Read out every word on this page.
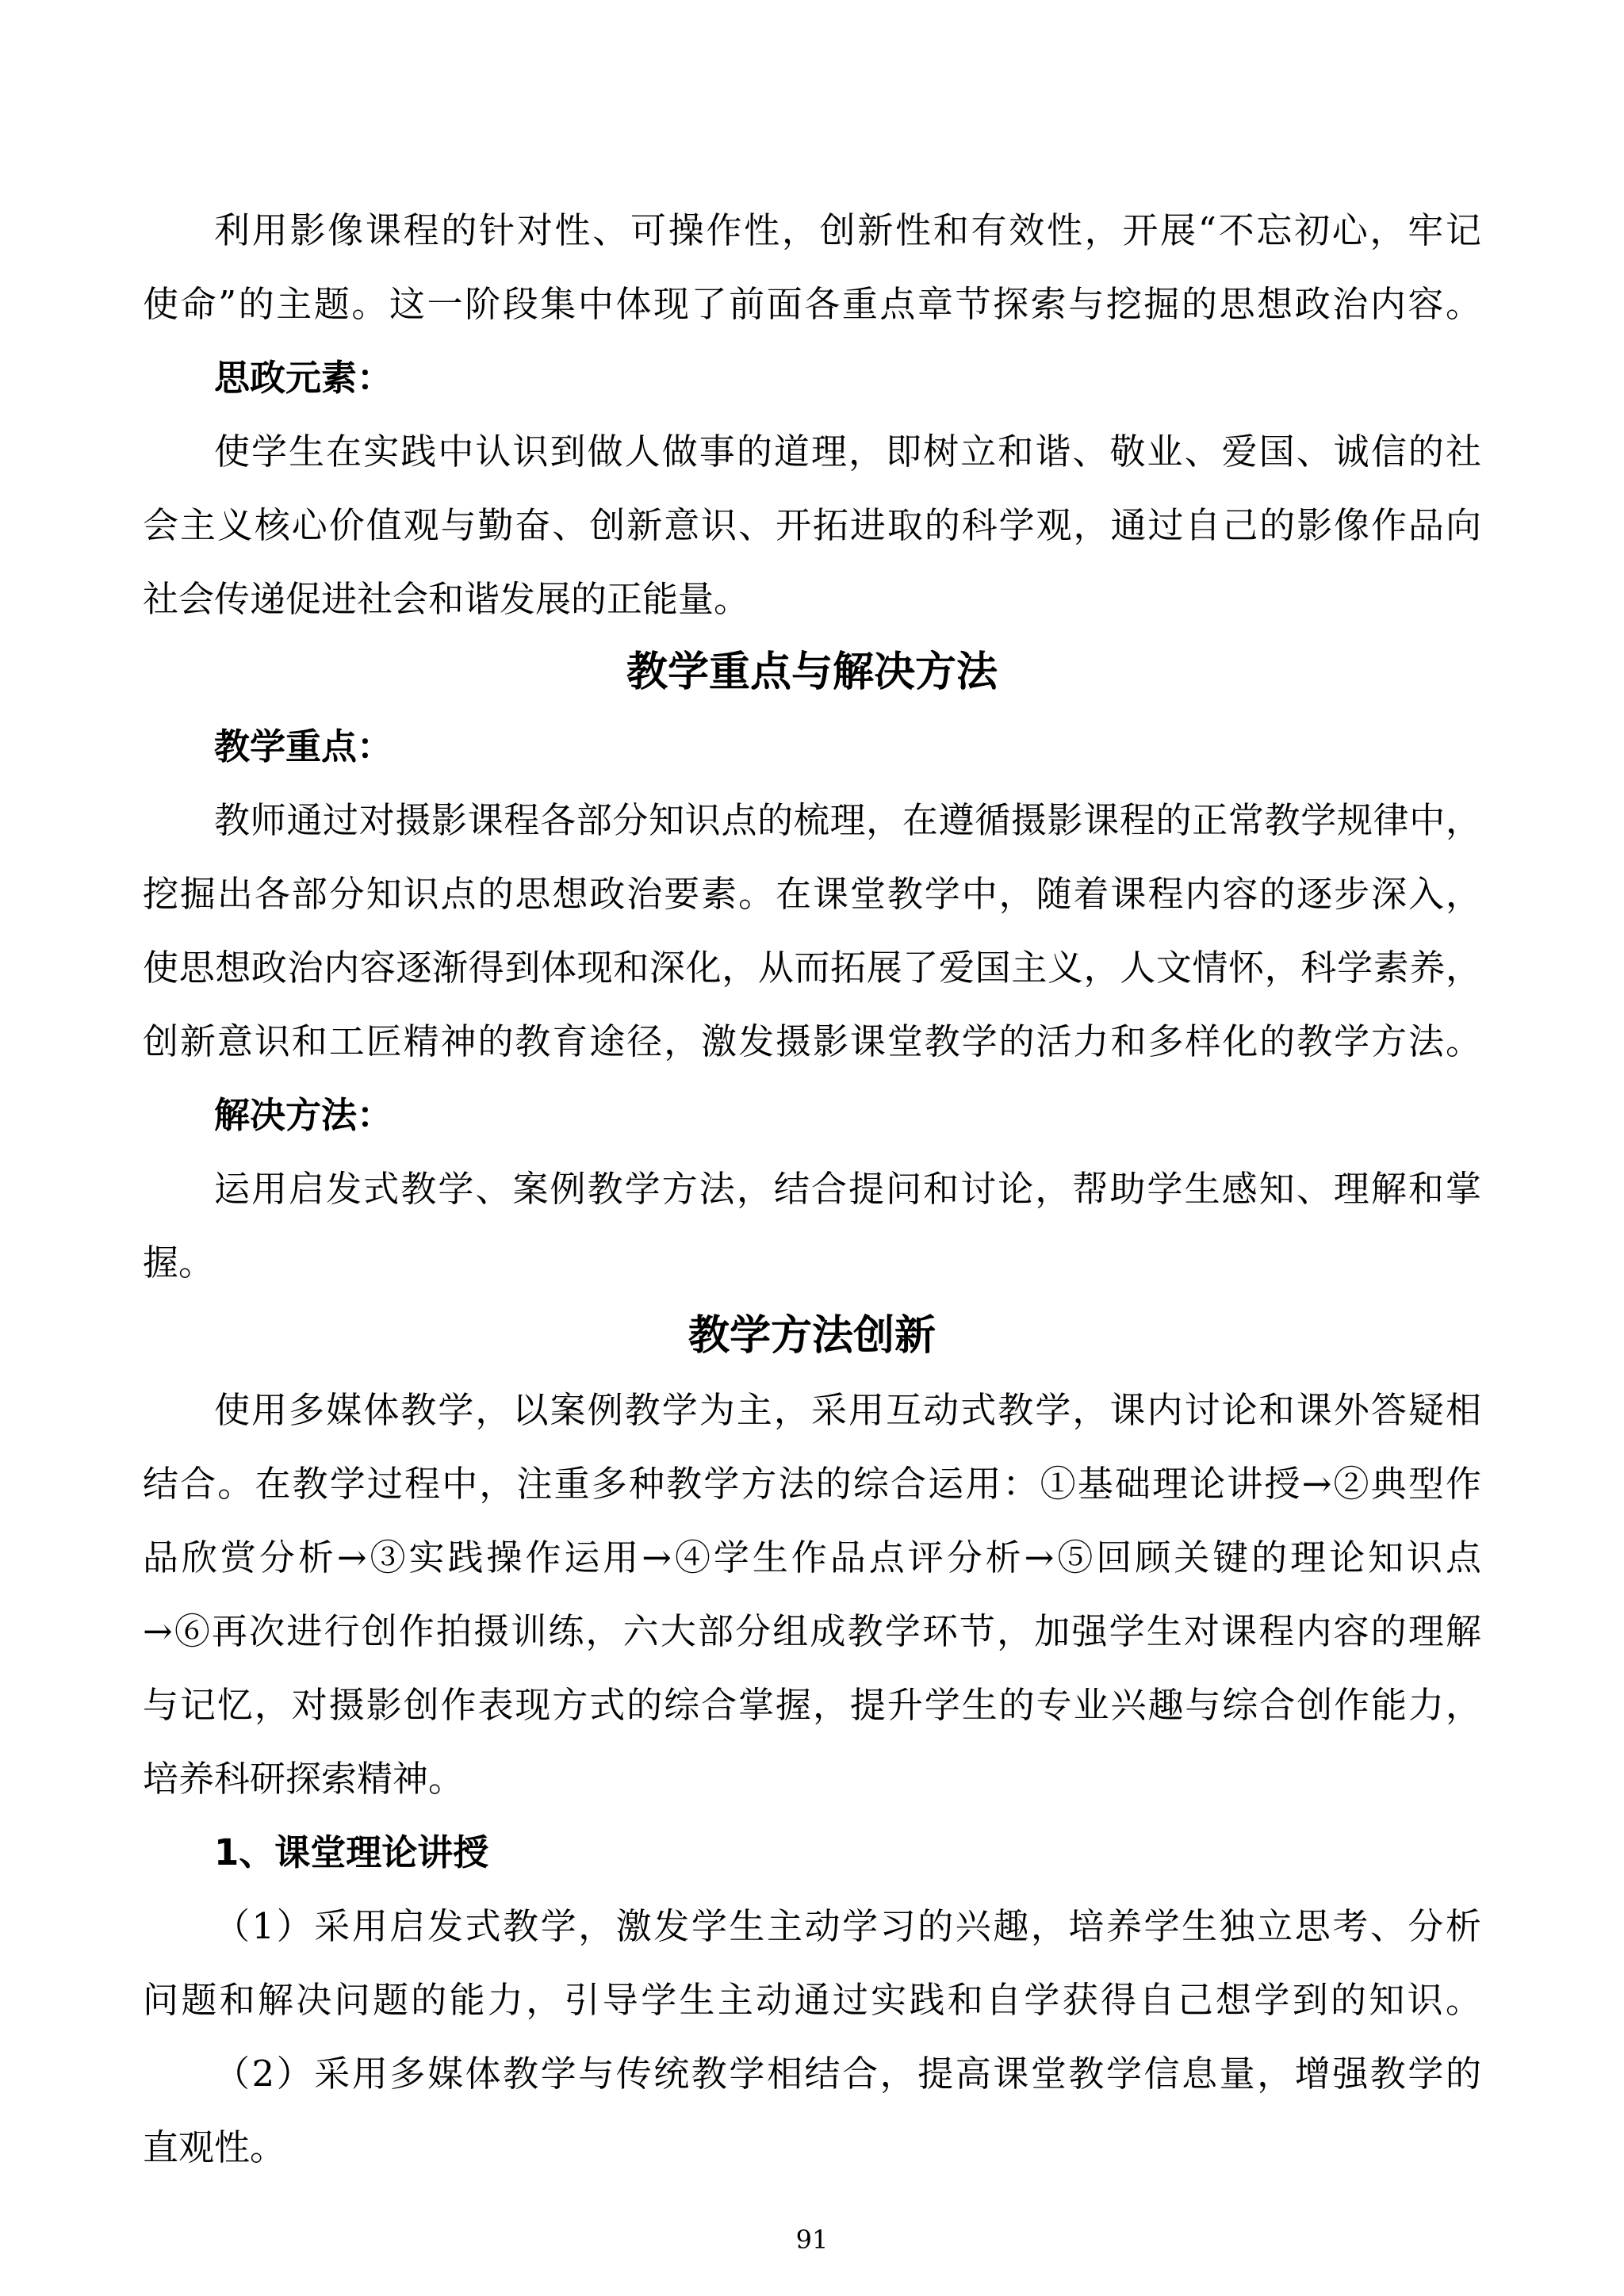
利用影像课程的针对性、可操作性，创新性和有效性，开展“不忘初心，牢记
使命”的主题。这一阶段集中体现了前面各重点章节探索与挖掘的思想政治内容。
思政元素：
使学生在实践中认识到做人做事的道理，即树立和谐、敬业、爱国、诚信的社
会主义核心价值观与勤奋、创新意识、开拓进取的科学观，通过自己的影像作品向
社会传递促进社会和谐发展的正能量。
教学重点与解决方法
教学重点：
教师通过对摄影课程各部分知识点的梳理，在遵循摄影课程的正常教学规律中，
挖掘出各部分知识点的思想政治要素。在课堂教学中，随着课程内容的逐步深入，
使思想政治内容逐渐得到体现和深化，从而拓展了爱国主义，人文情怀，科学素养，
创新意识和工匠精神的教育途径，激发摄影课堂教学的活力和多样化的教学方法。
解决方法：
运用启发式教学、案例教学方法，结合提问和讨论，帮助学生感知、理解和掌
握。
教学方法创新
使用多媒体教学，以案例教学为主，采用互动式教学，课内讨论和课外答疑相
结合。在教学过程中，注重多种教学方法的综合运用：①基础理论讲授→②典型作
品欣赏分析→③实践操作运用→④学生作品点评分析→⑤回顾关键的理论知识点
→⑥再次进行创作拍摄训练，六大部分组成教学环节，加强学生对课程内容的理解
与记忆，对摄影创作表现方式的综合掌握，提升学生的专业兴趣与综合创作能力，
培养科研探索精神。
1、课堂理论讲授
（1）采用启发式教学，激发学生主动学习的兴趣，培养学生独立思考、分析
问题和解决问题的能力，引导学生主动通过实践和自学获得自己想学到的知识。
（2）采用多媒体教学与传统教学相结合，提高课堂教学信息量，增强教学的
直观性。
91
